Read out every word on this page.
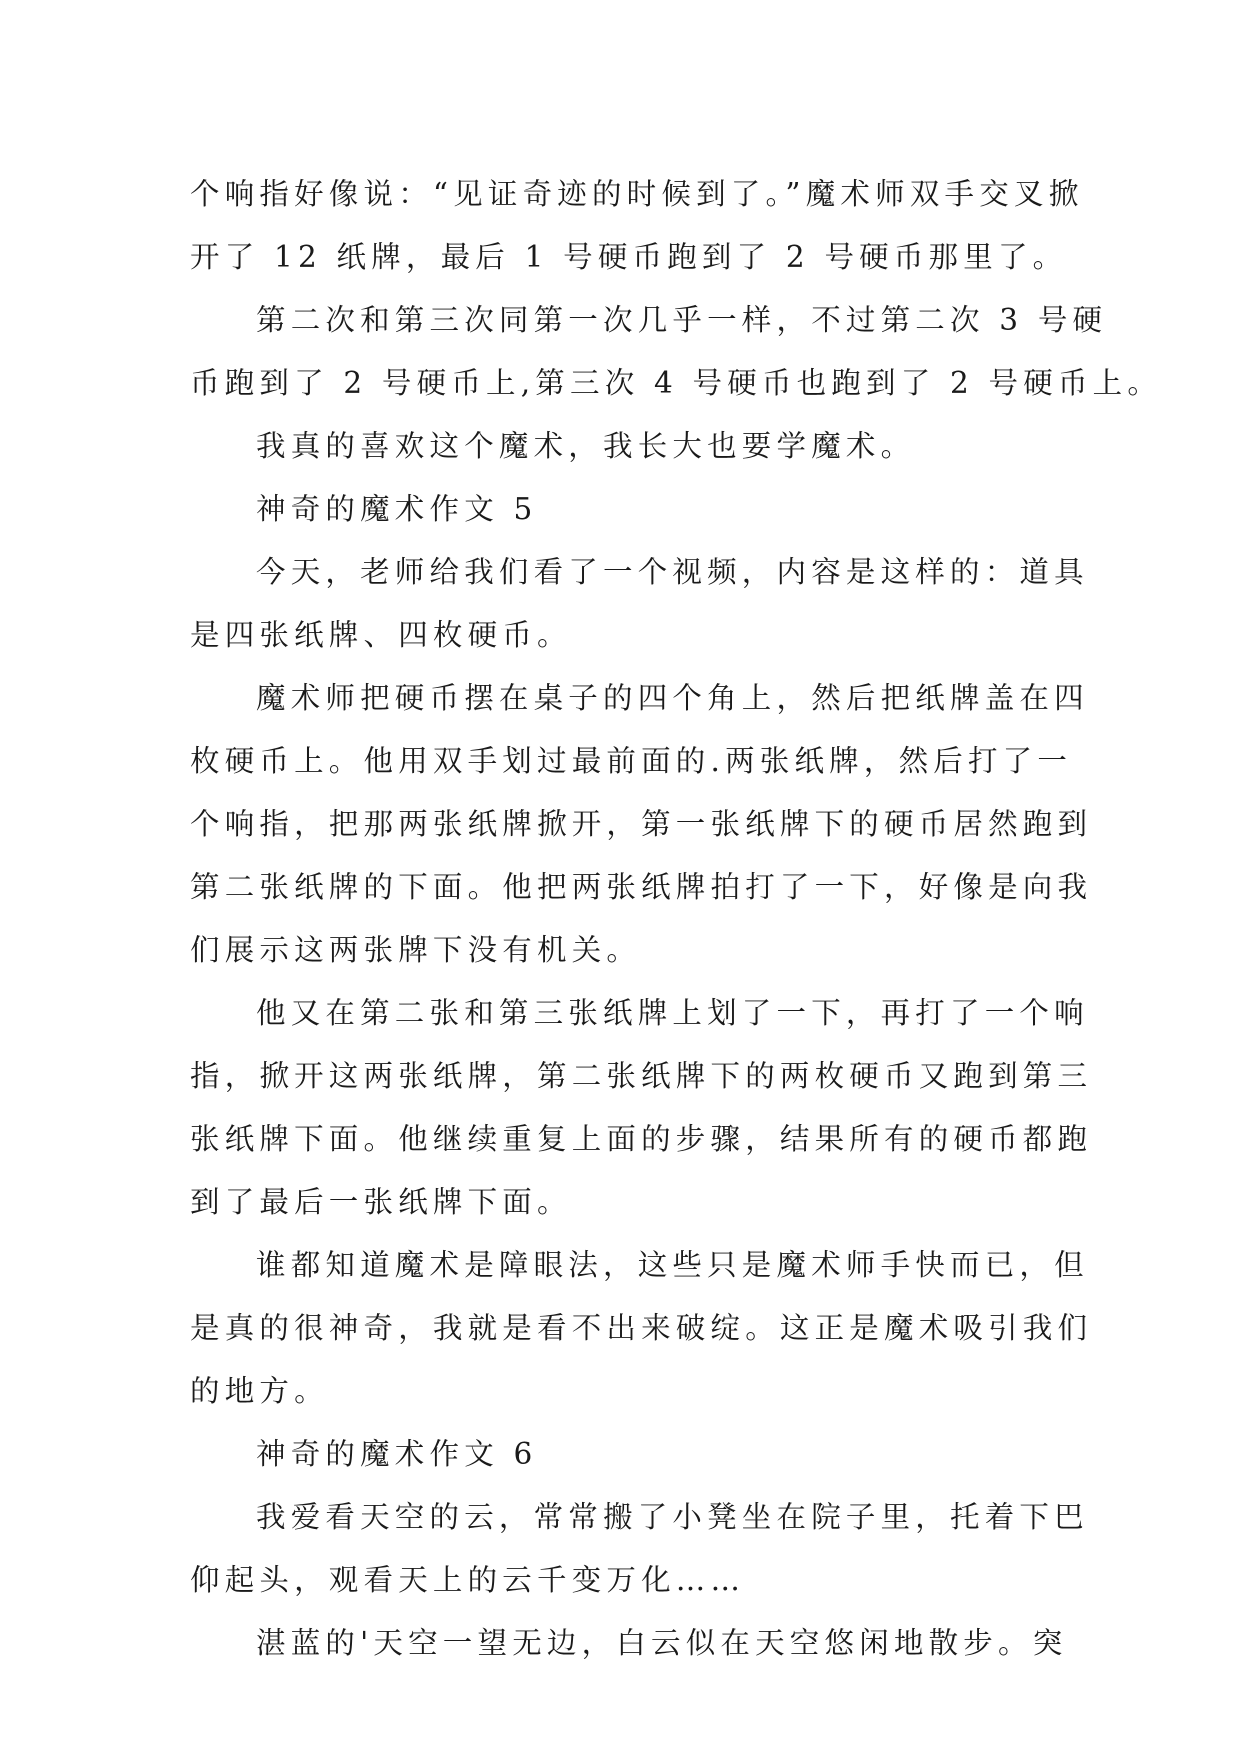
个响指好像说：“见证奇迹的时候到了。”魔术师双手交叉掀
开了 12 纸牌，最后 1 号硬币跑到了 2 号硬币那里了。
第二次和第三次同第一次几乎一样，不过第二次 3 号硬
币跑到了 2 号硬币上,第三次 4 号硬币也跑到了 2 号硬币上。
我真的喜欢这个魔术，我长大也要学魔术。
神奇的魔术作文 5
今天，老师给我们看了一个视频，内容是这样的：道具
是四张纸牌、四枚硬币。
魔术师把硬币摆在桌子的四个角上，然后把纸牌盖在四
枚硬币上。他用双手划过最前面的.两张纸牌，然后打了一
个响指，把那两张纸牌掀开，第一张纸牌下的硬币居然跑到
第二张纸牌的下面。他把两张纸牌拍打了一下，好像是向我
们展示这两张牌下没有机关。
他又在第二张和第三张纸牌上划了一下，再打了一个响
指，掀开这两张纸牌，第二张纸牌下的两枚硬币又跑到第三
张纸牌下面。他继续重复上面的步骤，结果所有的硬币都跑
到了最后一张纸牌下面。
谁都知道魔术是障眼法，这些只是魔术师手快而已，但
是真的很神奇，我就是看不出来破绽。这正是魔术吸引我们
的地方。
神奇的魔术作文 6
我爱看天空的云，常常搬了小凳坐在院子里，托着下巴
仰起头，观看天上的云千变万化……
湛蓝的'天空一望无边，白云似在天空悠闲地散步。突
